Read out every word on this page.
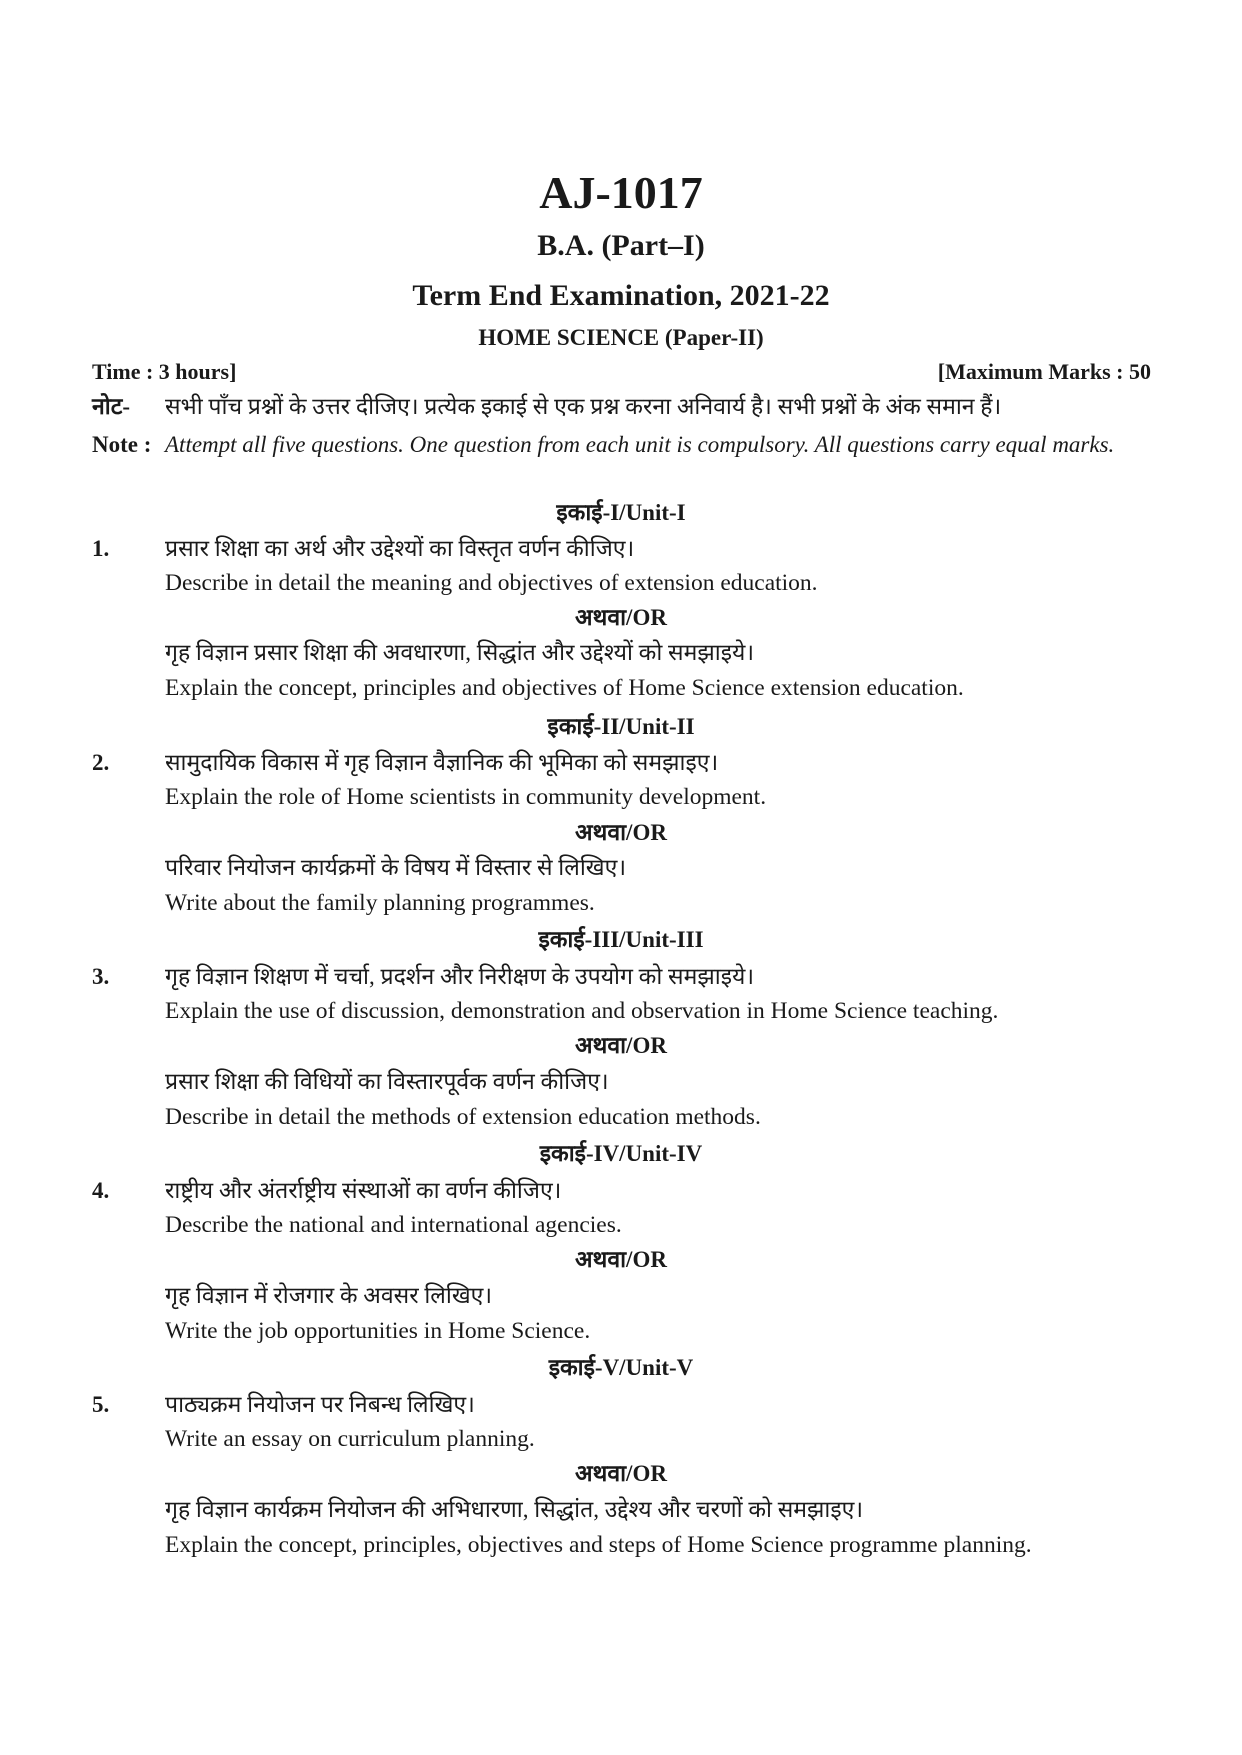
AJ-1017
B.A. (Part–I)
Term End Examination, 2021-22
HOME SCIENCE (Paper-II)
Time : 3 hours]	[Maximum Marks : 50
नोट- सभी पाँच प्रश्नों के उत्तर दीजिए। प्रत्येक इकाई से एक प्रश्न करना अनिवार्य है। सभी प्रश्नों के अंक समान हैं।
Note : Attempt all five questions. One question from each unit is compulsory. All questions carry equal marks.
इकाई-I/Unit-I
1. प्रसार शिक्षा का अर्थ और उद्देश्यों का विस्तृत वर्णन कीजिए।
Describe in detail the meaning and objectives of extension education.
अथवा/OR
गृह विज्ञान प्रसार शिक्षा की अवधारणा, सिद्धांत और उद्देश्यों को समझाइये।
Explain the concept, principles and objectives of Home Science extension education.
इकाई-II/Unit-II
2. सामुदायिक विकास में गृह विज्ञान वैज्ञानिक की भूमिका को समझाइए।
Explain the role of Home scientists in community development.
अथवा/OR
परिवार नियोजन कार्यक्रमों के विषय में विस्तार से लिखिए।
Write about the family planning programmes.
इकाई-III/Unit-III
3. गृह विज्ञान शिक्षण में चर्चा, प्रदर्शन और निरीक्षण के उपयोग को समझाइये।
Explain the use of discussion, demonstration and observation in Home Science teaching.
अथवा/OR
प्रसार शिक्षा की विधियों का विस्तारपूर्वक वर्णन कीजिए।
Describe in detail the methods of extension education methods.
इकाई-IV/Unit-IV
4. राष्ट्रीय और अंतर्राष्ट्रीय संस्थाओं का वर्णन कीजिए।
Describe the national and international agencies.
अथवा/OR
गृह विज्ञान में रोजगार के अवसर लिखिए।
Write the job opportunities in Home Science.
इकाई-V/Unit-V
5. पाठ्यक्रम नियोजन पर निबन्ध लिखिए।
Write an essay on curriculum planning.
अथवा/OR
गृह विज्ञान कार्यक्रम नियोजन की अभिधारणा, सिद्धांत, उद्देश्य और चरणों को समझाइए।
Explain the concept, principles, objectives and steps of Home Science programme planning.
